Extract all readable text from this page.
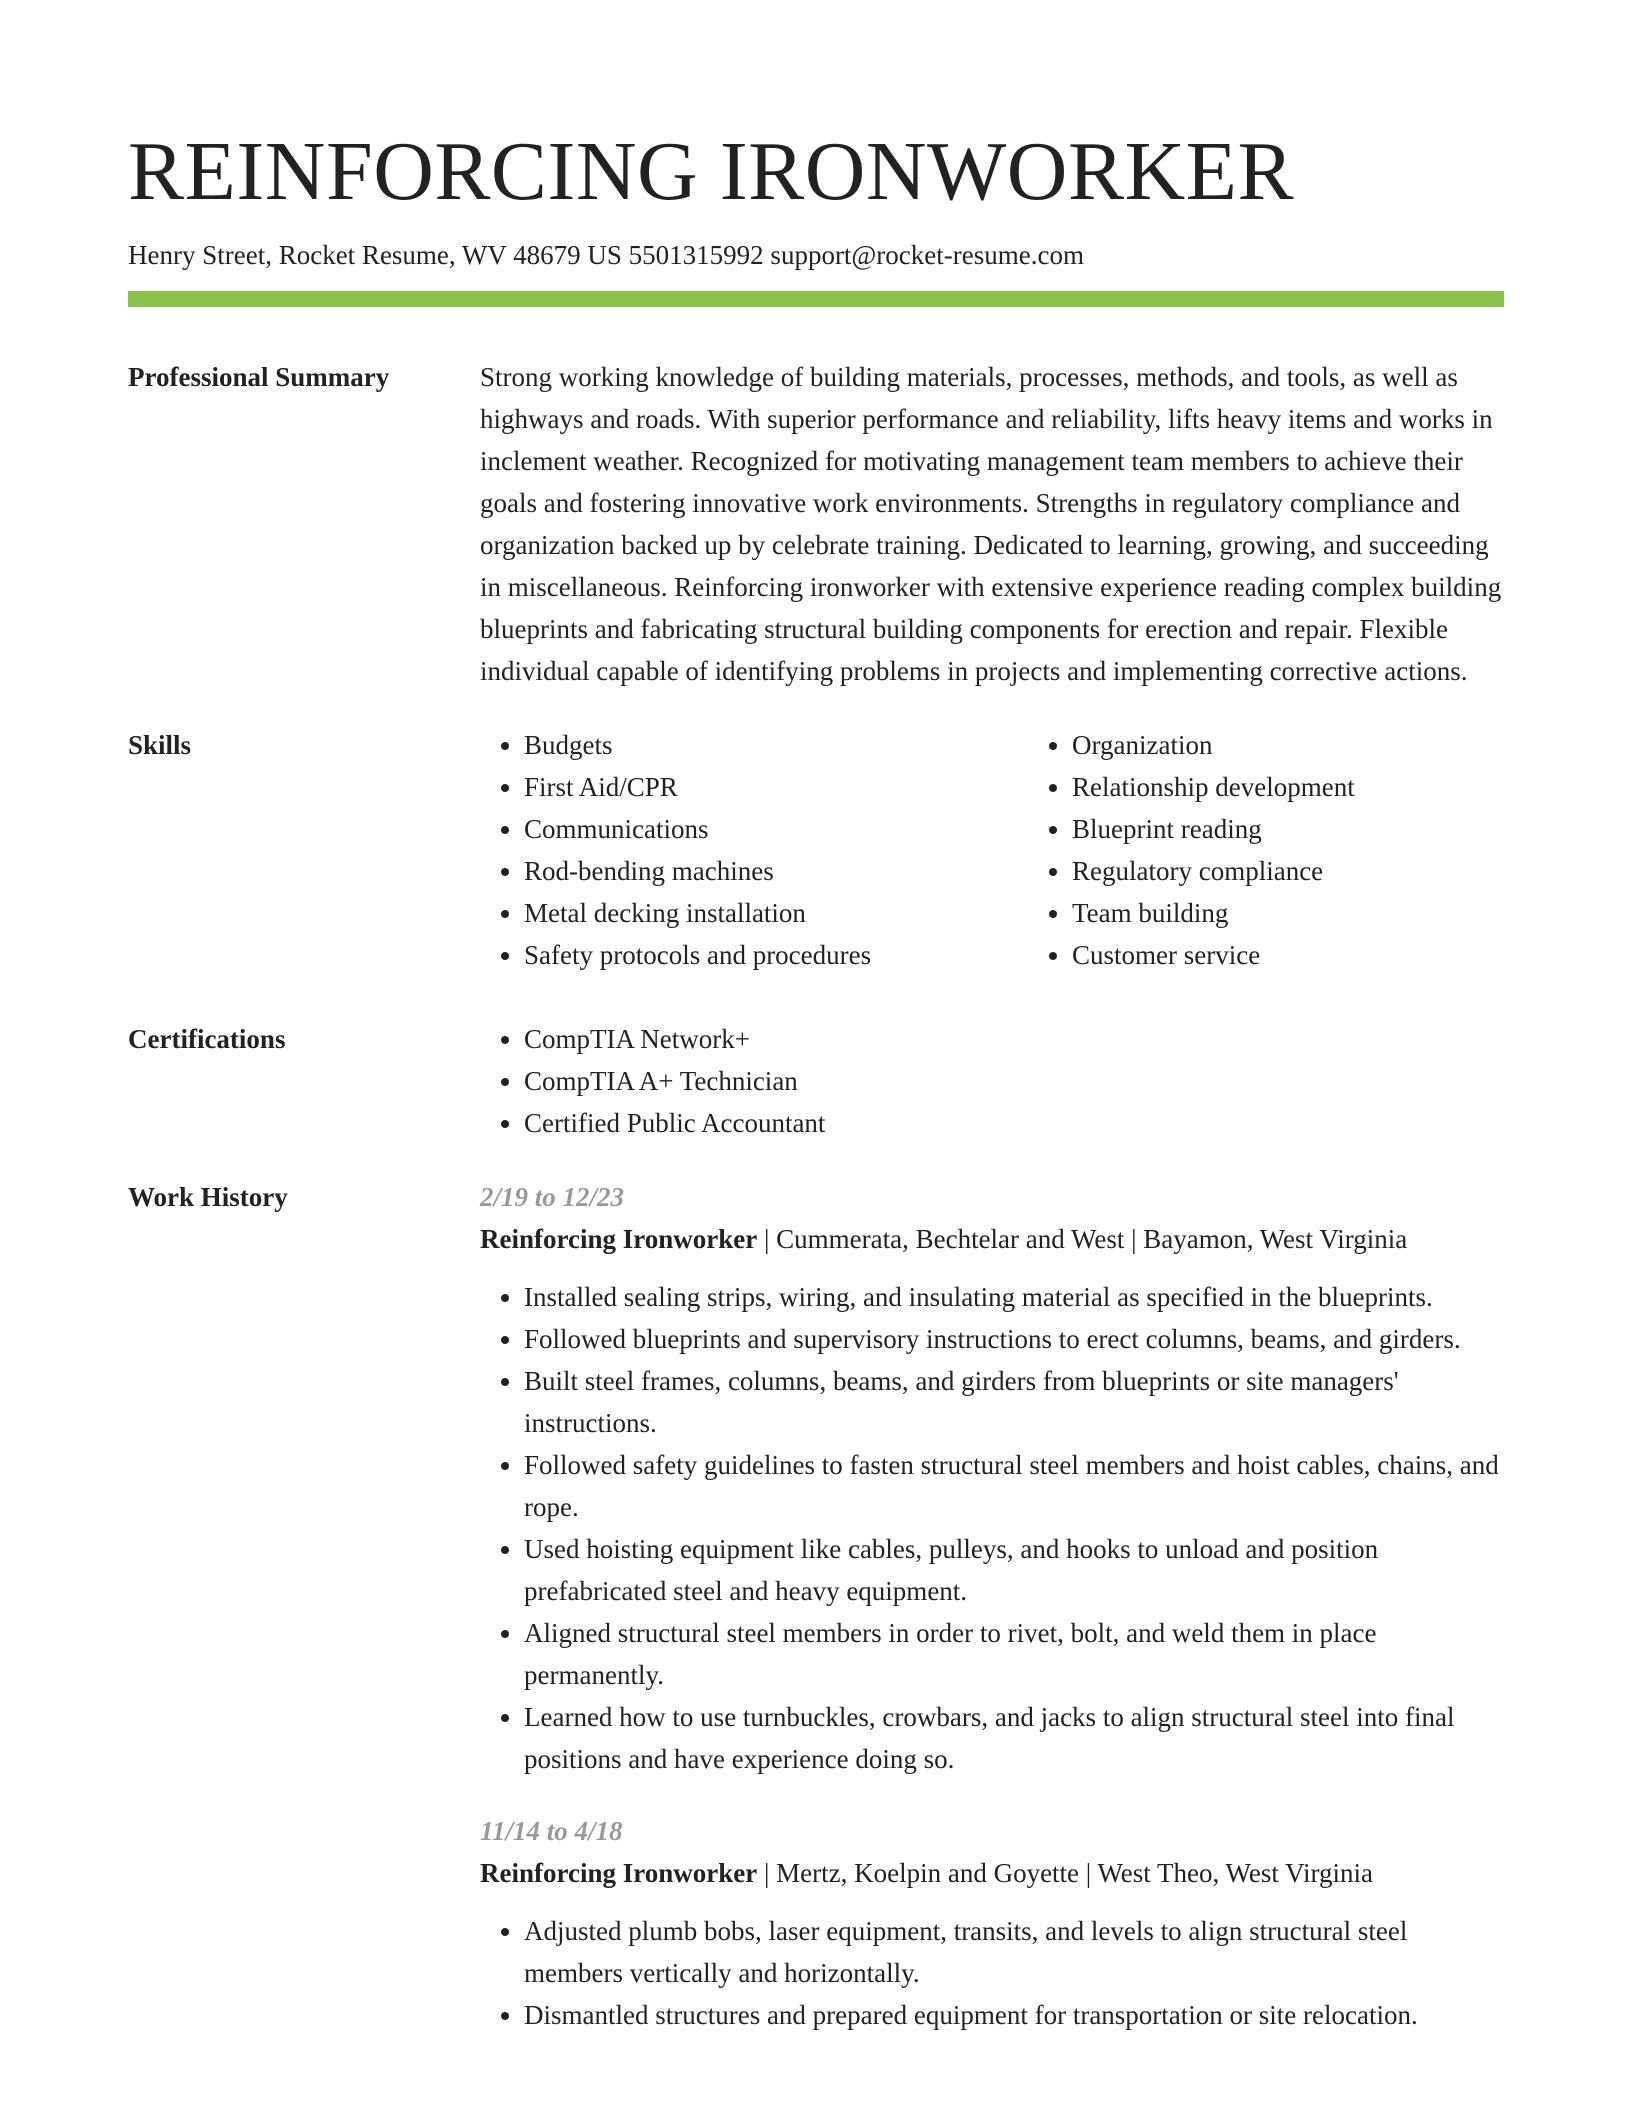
REINFORCING IRONWORKER
Henry Street, Rocket Resume, WV 48679 US 5501315992 support@rocket-resume.com
Professional Summary	Strong working knowledge of building materials, processes, methods, and tools, as well as highways and roads. With superior performance and reliability, lifts heavy items and works in inclement weather. Recognized for motivating management team members to achieve their goals and fostering innovative work environments. Strengths in regulatory compliance and organization backed up by celebrate training. Dedicated to learning, growing, and succeeding in miscellaneous. Reinforcing ironworker with extensive experience reading complex building blueprints and fabricating structural building components for erection and repair. Flexible individual capable of identifying problems in projects and implementing corrective actions.

Skills	• Budgets
• First Aid/CPR
• Communications
• Rod-bending machines
• Metal decking installation
• Safety protocols and procedures
• Organization
• Relationship development
• Blueprint reading
• Regulatory compliance
• Team building
• Customer service
Certifications	• CompTIA Network+
• CompTIA A+ Technician
• Certified Public Accountant
Work History	2/19 to 12/23
Reinforcing Ironworker | Cummerata, Bechtelar and West | Bayamon, West Virginia
• Installed sealing strips, wiring, and insulating material as specified in the blueprints.
• Followed blueprints and supervisory instructions to erect columns, beams, and girders.
• Built steel frames, columns, beams, and girders from blueprints or site managers' instructions.
• Followed safety guidelines to fasten structural steel members and hoist cables, chains, and rope.
• Used hoisting equipment like cables, pulleys, and hooks to unload and position prefabricated steel and heavy equipment.
• Aligned structural steel members in order to rivet, bolt, and weld them in place permanently.
• Learned how to use turnbuckles, crowbars, and jacks to align structural steel into final positions and have experience doing so.
11/14 to 4/18
Reinforcing Ironworker | Mertz, Koelpin and Goyette | West Theo, West Virginia
• Adjusted plumb bobs, laser equipment, transits, and levels to align structural steel members vertically and horizontally.
• Dismantled structures and prepared equipment for transportation or site relocation.
